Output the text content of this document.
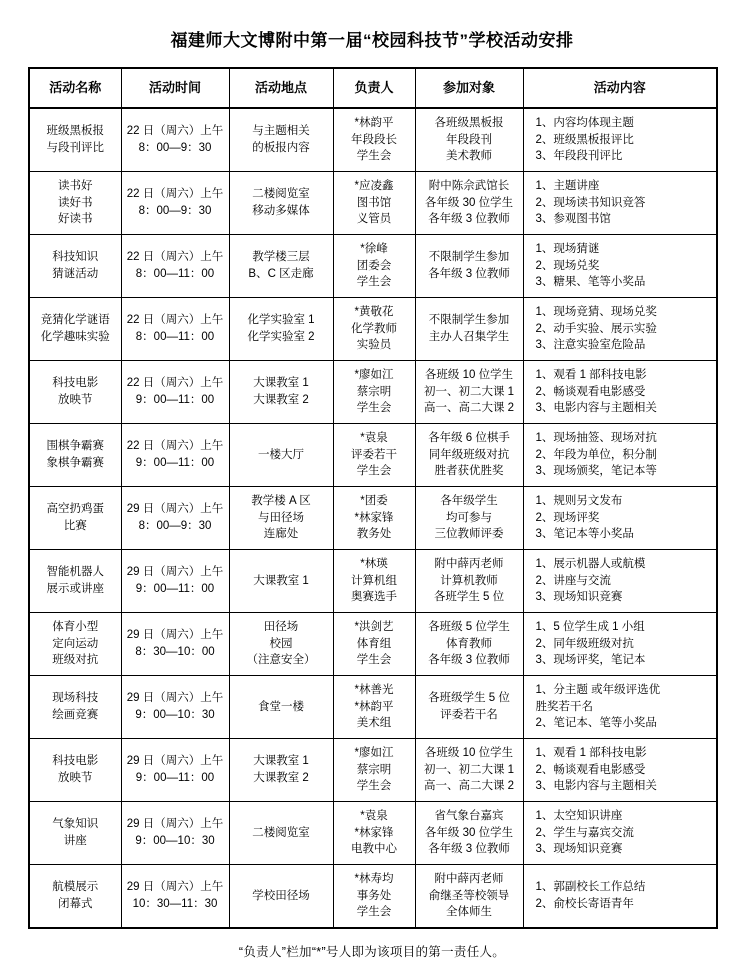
福建师大文博附中第一届“校园科技节”学校活动安排
活动名称	活动时间	活动地点	负责人	参加对象	活动内容

班级黑板报
与段刊评比	22 日（周六）上午
8：00—9：30	与主题相关
的板报内容	*林韵平
年段段长
学生会	各班级黑板报
年段段刊
美术教师	1、内容均体现主题
2、班级黑板报评比
3、年段段刊评比

读书好
读好书
好读书	22 日（周六）上午
8：00—9：30	二楼阅览室
移动多媒体	*应凌鑫
图书馆
义管员	附中陈佘武馆长
各年级 30 位学生
各年级 3 位教师	1、主题讲座
2、现场读书知识竞答
3、参观图书馆

科技知识
猜谜活动	22 日（周六）上午
8：00—11：00	教学楼三层
B、C 区走廊	*徐峰
团委会
学生会	不限制学生参加
各年级 3 位教师	1、现场猜谜
2、现场兑奖
3、糖果、笔等小奖品

竞猜化学谜语
化学趣味实验	22 日（周六）上午
8：00—11：00	化学实验室 1
化学实验室 2	*黄敬花
化学教师
实验员	不限制学生参加
主办人召集学生	1、现场竞猜、现场兑奖
2、动手实验、展示实验
3、注意实验室危险品

科技电影
放映节	22 日（周六）上午
9：00—11：00	大课教室 1
大课教室 2	*廖如江
蔡宗明
学生会	各班级 10 位学生
初一、初二大课 1
高一、高二大课 2	1、观看 1 部科技电影
2、畅谈观看电影感受
3、电影内容与主题相关

围棋争霸赛
象棋争霸赛	22 日（周六）上午
9：00—11：00	一楼大厅	*袁泉
评委若干
学生会	各年级 6 位棋手
同年级班级对抗
胜者获优胜奖	1、现场抽签、现场对抗
2、年段为单位，积分制
3、现场颁奖，笔记本等

高空扔鸡蛋
比赛	29 日（周六）上午
8：00—9：30	教学楼 A 区
与田径场
连廊处	*团委
*林家锋
教务处	各年级学生
均可参与
三位教师评委	1、规则另文发布
2、现场评奖
3、笔记本等小奖品

智能机器人
展示或讲座	29 日（周六）上午
9：00—11：00	大课教室 1	*林瑛
计算机组
奥赛选手	附中薛丙老师
计算机教师
各班学生 5 位	1、展示机器人或航模
2、讲座与交流
3、现场知识竞赛

体育小型
定向运动
班级对抗	29 日（周六）上午
8：30—10：00	田径场
校园
（注意安全）	*洪剑艺
体育组
学生会	各班级 5 位学生
体育教师
各年级 3 位教师	1、5 位学生成 1 小组
2、同年级班级对抗
3、现场评奖，笔记本

现场科技
绘画竞赛	29 日（周六）上午
9：00—10：30	食堂一楼	*林善光
*林韵平
美术组	各班级学生 5 位
评委若干名	1、分主题 或年级评选优
胜奖若干名
2、笔记本、笔等小奖品

科技电影
放映节	29 日（周六）上午
9：00—11：00	大课教室 1
大课教室 2	*廖如江
蔡宗明
学生会	各班级 10 位学生
初一、初二大课 1
高一、高二大课 2	1、观看 1 部科技电影
2、畅谈观看电影感受
3、电影内容与主题相关

气象知识
讲座	29 日（周六）上午
9：00—10：30	二楼阅览室	*袁泉
*林家锋
电教中心	省气象台嘉宾
各年级 30 位学生
各年级 3 位教师	1、太空知识讲座
2、学生与嘉宾交流
3、现场知识竞赛

航模展示
闭幕式	29 日（周六）上午
10：30—11：30	学校田径场	*林寿均
事务处
学生会	附中薛丙老师
俞继圣等校领导
全体师生	1、郭副校长工作总结
2、俞校长寄语青年
“负责人”栏加“*”号人即为该项目的第一责任人。
